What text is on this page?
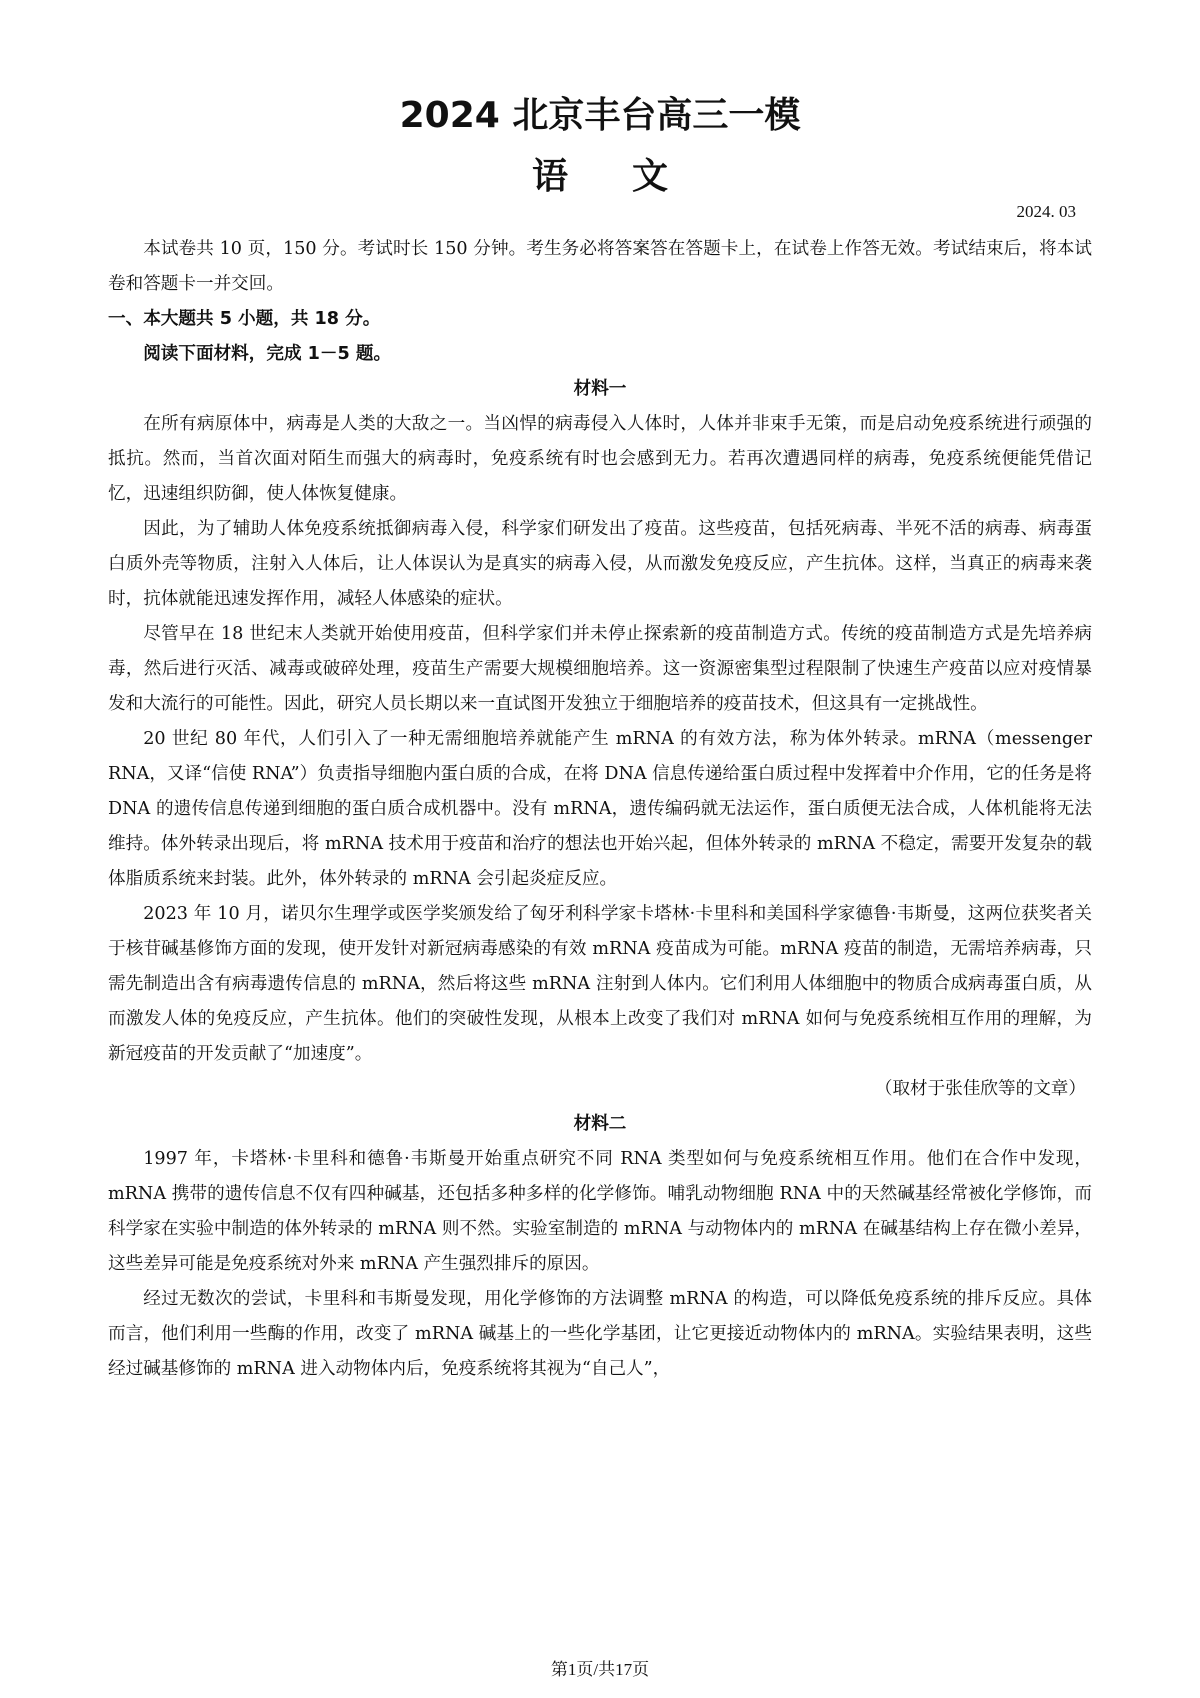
2024 北京丰台高三一模
语文
2024. 03

本试卷共 10 页，150 分。考试时长 150 分钟。考生务必将答案答在答题卡上，在试卷上作答无效。考试结束后，将本试卷和答题卡一并交回。

一、本大题共 5 小题，共 18 分。

阅读下面材料，完成 1－5 题。

材料一

在所有病原体中，病毒是人类的大敌之一。当凶悍的病毒侵入人体时，人体并非束手无策，而是启动免疫系统进行顽强的抵抗。然而，当首次面对陌生而强大的病毒时，免疫系统有时也会感到无力。若再次遭遇同样的病毒，免疫系统便能凭借记忆，迅速组织防御，使人体恢复健康。

因此，为了辅助人体免疫系统抵御病毒入侵，科学家们研发出了疫苗。这些疫苗，包括死病毒、半死不活的病毒、病毒蛋白质外壳等物质，注射入人体后，让人体误认为是真实的病毒入侵，从而激发免疫反应，产生抗体。这样，当真正的病毒来袭时，抗体就能迅速发挥作用，减轻人体感染的症状。

尽管早在 18 世纪末人类就开始使用疫苗，但科学家们并未停止探索新的疫苗制造方式。传统的疫苗制造方式是先培养病毒，然后进行灭活、减毒或破碎处理，疫苗生产需要大规模细胞培养。这一资源密集型过程限制了快速生产疫苗以应对疫情暴发和大流行的可能性。因此，研究人员长期以来一直试图开发独立于细胞培养的疫苗技术，但这具有一定挑战性。

20 世纪 80 年代，人们引入了一种无需细胞培养就能产生 mRNA 的有效方法，称为体外转录。mRNA（messenger RNA，又译“信使 RNA”）负责指导细胞内蛋白质的合成，在将 DNA 信息传递给蛋白质过程中发挥着中介作用，它的任务是将 DNA 的遗传信息传递到细胞的蛋白质合成机器中。没有 mRNA，遗传编码就无法运作，蛋白质便无法合成，人体机能将无法维持。体外转录出现后，将 mRNA 技术用于疫苗和治疗的想法也开始兴起，但体外转录的 mRNA 不稳定，需要开发复杂的载体脂质系统来封装。此外，体外转录的 mRNA 会引起炎症反应。

2023 年 10 月，诺贝尔生理学或医学奖颁发给了匈牙利科学家卡塔林·卡里科和美国科学家德鲁·韦斯曼，这两位获奖者关于核苷碱基修饰方面的发现，使开发针对新冠病毒感染的有效 mRNA 疫苗成为可能。mRNA 疫苗的制造，无需培养病毒，只需先制造出含有病毒遗传信息的 mRNA，然后将这些 mRNA 注射到人体内。它们利用人体细胞中的物质合成病毒蛋白质，从而激发人体的免疫反应，产生抗体。他们的突破性发现，从根本上改变了我们对 mRNA 如何与免疫系统相互作用的理解，为新冠疫苗的开发贡献了“加速度”。

（取材于张佳欣等的文章）

材料二

1997 年，卡塔林·卡里科和德鲁·韦斯曼开始重点研究不同 RNA 类型如何与免疫系统相互作用。他们在合作中发现，mRNA 携带的遗传信息不仅有四种碱基，还包括多种多样的化学修饰。哺乳动物细胞 RNA 中的天然碱基经常被化学修饰，而科学家在实验中制造的体外转录的 mRNA 则不然。实验室制造的 mRNA 与动物体内的 mRNA 在碱基结构上存在微小差异，这些差异可能是免疫系统对外来 mRNA 产生强烈排斥的原因。

经过无数次的尝试，卡里科和韦斯曼发现，用化学修饰的方法调整 mRNA 的构造，可以降低免疫系统的排斥反应。具体而言，他们利用一些酶的作用，改变了 mRNA 碱基上的一些化学基团，让它更接近动物体内的 mRNA。实验结果表明，这些经过碱基修饰的 mRNA 进入动物体内后，免疫系统将其视为“自己人”，

第1页/共17页
